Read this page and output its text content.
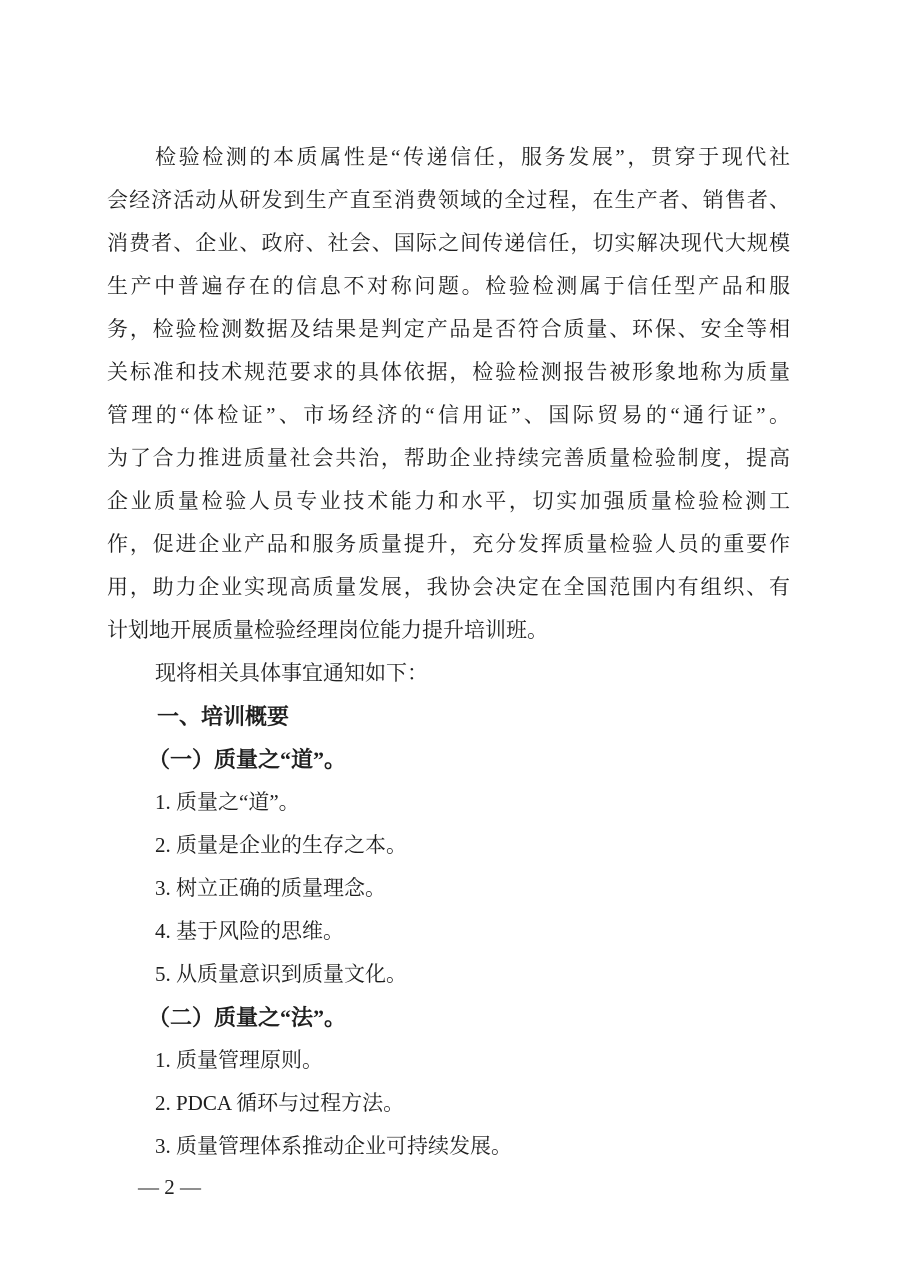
检验检测的本质属性是“传递信任，服务发展”，贯穿于现代社
会经济活动从研发到生产直至消费领域的全过程，在生产者、销售者、
消费者、企业、政府、社会、国际之间传递信任，切实解决现代大规模
生产中普遍存在的信息不对称问题。检验检测属于信任型产品和服
务，检验检测数据及结果是判定产品是否符合质量、环保、安全等相
关标准和技术规范要求的具体依据，检验检测报告被形象地称为质量
管理的“体检证”、市场经济的“信用证”、国际贸易的“通行证”。
为了合力推进质量社会共治，帮助企业持续完善质量检验制度，提高
企业质量检验人员专业技术能力和水平，切实加强质量检验检测工
作，促进企业产品和服务质量提升，充分发挥质量检验人员的重要作
用，助力企业实现高质量发展，我协会决定在全国范围内有组织、有
计划地开展质量检验经理岗位能力提升培训班。
现将相关具体事宜通知如下：
一、培训概要
（一）质量之“道”。
1. 质量之“道”。
2. 质量是企业的生存之本。
3. 树立正确的质量理念。
4. 基于风险的思维。
5. 从质量意识到质量文化。
（二）质量之“法”。
1. 质量管理原则。
2. PDCA 循环与过程方法。
3. 质量管理体系推动企业可持续发展。
— 2 —
